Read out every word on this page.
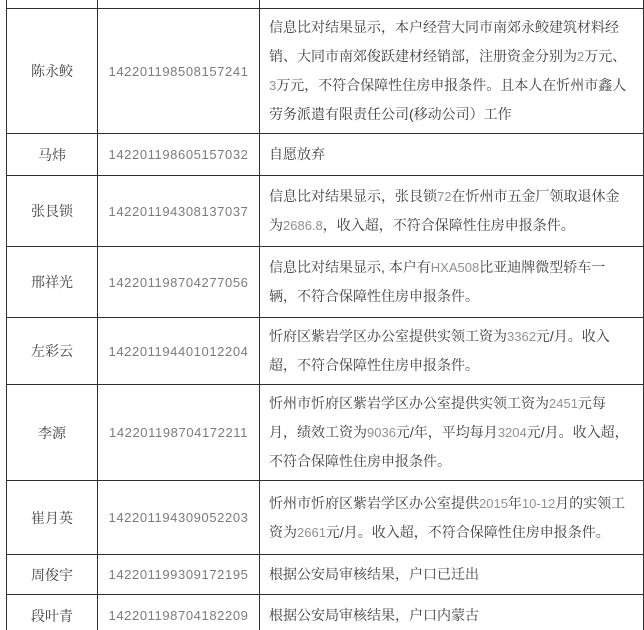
陈永鲛	142201198508157241	信息比对结果显示，本户经营大同市南郊永鲛建筑材料经销、大同市南郊俊跃建材经销部，注册资金分别为2万元、3万元，不符合保障性住房申报条件。且本人在忻州市鑫人劳务派遣有限责任公司(移动公司）工作
马炜	142201198605157032	自愿放弃
张艮锁	142201194308137037	信息比对结果显示，张艮锁72在忻州市五金厂领取退休金为2686.8，收入超，不符合保障性住房申报条件。
邢祥光	142201198704277056	信息比对结果显示, 本户有HXA508比亚迪牌微型轿车一辆，不符合保障性住房申报条件。
左彩云	142201194401012204	忻府区紫岩学区办公室提供实领工资为3362元/月。收入超，不符合保障性住房申报条件。
李源	142201198704172211	忻州市忻府区紫岩学区办公室提供实领工资为2451元每月，绩效工资为9036元/年，平均每月3204元/月。收入超，不符合保障性住房申报条件。
崔月英	142201194309052203	忻州市忻府区紫岩学区办公室提供2015年10-12月的实领工资为2661元/月。收入超，不符合保障性住房申报条件。
周俊宇	142201199309172195	根据公安局审核结果，户口已迁出
段叶青	142201198704182209	根据公安局审核结果，户口内蒙古
